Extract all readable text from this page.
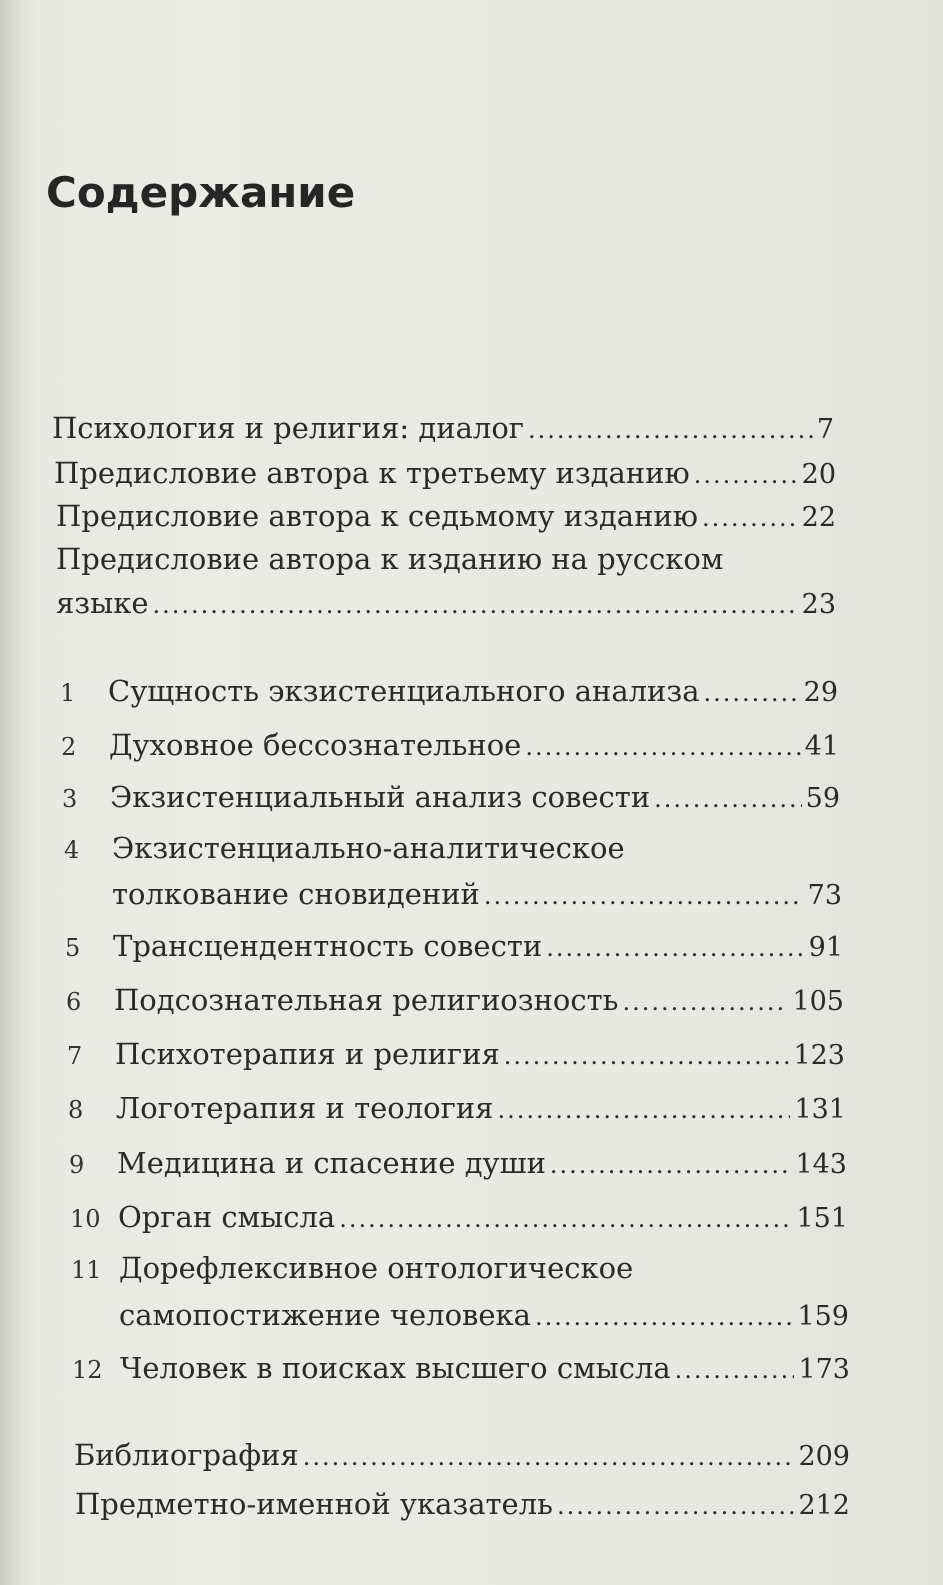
Содержание
Психология и религия: диалог .....	7
Предисловие автора к третьему изданию .....	20
Предисловие автора к седьмому изданию .....	22
Предисловие автора к изданию на русском
языке .....	23
1	Сущность экзистенциального анализа .....	29
2	Духовное бессознательное .....	41
3	Экзистенциальный анализ совести .....	59
4	Экзистенциально-аналитическое
толкование сновидений .....	73
5	Трансцендентность совести .....	91
6	Подсознательная религиозность .....	105
7	Психотерапия и религия .....	123
8	Логотерапия и теология .....	131
9	Медицина и спасение души .....	143
10 Орган смысла .....	151
11 Дорефлексивное онтологическое
самопостижение человека .....	159
12 Человек в поисках высшего смысла .....	173
Библиография .....	209
Предметно-именной указатель .....	212
